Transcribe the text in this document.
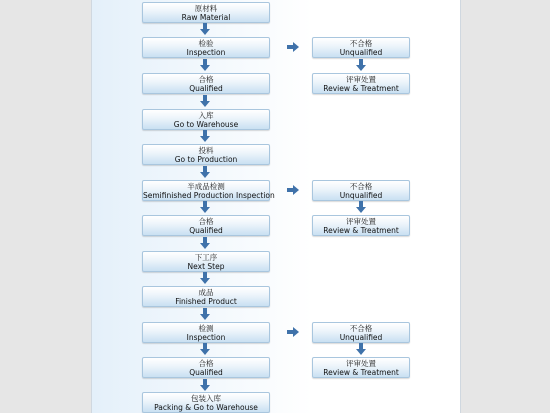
原材料
Raw Material
检验
Inspection
合格
Qualified
入库
Go to Warehouse
投料
Go to Production
半成品检测
Semifinished Production Inspection
合格
Qualified
下工序
Next Step
成品
Finished Product
检测
Inspection
合格
Qualified
包装入库
Packing & Go to Warehouse
不合格
Unqualified
评审处置
Review & Treatment
不合格
Unqualified
评审处置
Review & Treatment
不合格
Unqualified
评审处置
Review & Treatment
